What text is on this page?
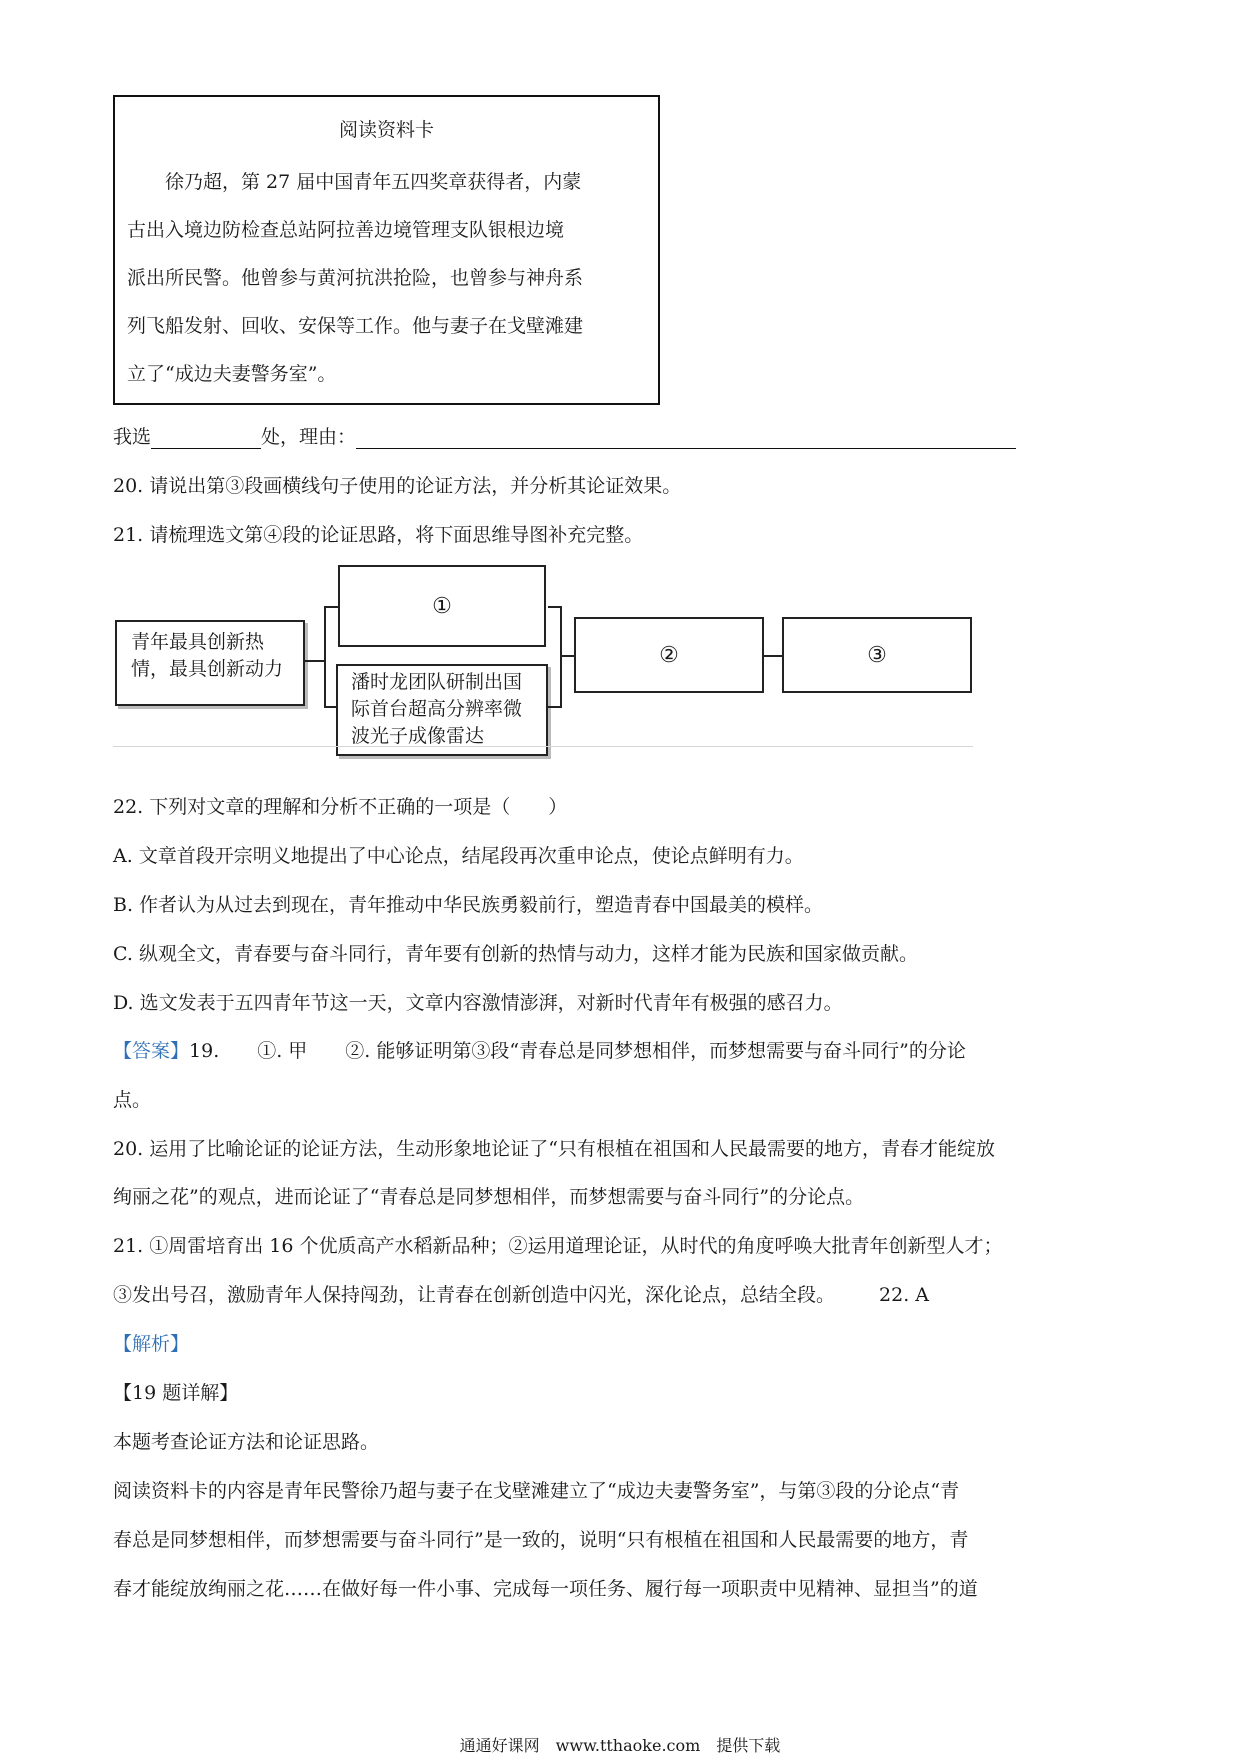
阅读资料卡
　　徐乃超，第 27 届中国青年五四奖章获得者，内蒙
古出入境边防检查总站阿拉善边境管理支队银根边境
派出所民警。他曾参与黄河抗洪抢险，也曾参与神舟系
列飞船发射、回收、安保等工作。他与妻子在戈壁滩建
立了“成边夫妻警务室”。
我选	处，理由：
20. 请说出第③段画横线句子使用的论证方法，并分析其论证效果。
21. 请梳理选文第④段的论证思路，将下面思维导图补充完整。
青年最具创新热
情，最具创新动力
①
潘时龙团队研制出国
际首台超高分辨率微
波光子成像雷达
②	③
22. 下列对文章的理解和分析不正确的一项是（　　）
A. 文章首段开宗明义地提出了中心论点，结尾段再次重申论点，使论点鲜明有力。
B. 作者认为从过去到现在，青年推动中华民族勇毅前行，塑造青春中国最美的模样。
C. 纵观全文，青春要与奋斗同行，青年要有创新的热情与动力，这样才能为民族和国家做贡献。
D. 选文发表于五四青年节这一天，文章内容激情澎湃，对新时代青年有极强的感召力。
【答案】19.　　①. 甲　　②. 能够证明第③段“青春总是同梦想相伴，而梦想需要与奋斗同行”的分论
点。
20. 运用了比喻论证的论证方法，生动形象地论证了“只有根植在祖国和人民最需要的地方，青春才能绽放
绚丽之花”的观点，进而论证了“青春总是同梦想相伴，而梦想需要与奋斗同行”的分论点。
21. ①周雷培育出 16 个优质高产水稻新品种；②运用道理论证，从时代的角度呼唤大批青年创新型人才；
③发出号召，激励青年人保持闯劲，让青春在创新创造中闪光，深化论点，总结全段。 22. A
【解析】
【19 题详解】
本题考查论证方法和论证思路。
阅读资料卡的内容是青年民警徐乃超与妻子在戈壁滩建立了“成边夫妻警务室”，与第③段的分论点“青
春总是同梦想相伴，而梦想需要与奋斗同行”是一致的，说明“只有根植在祖国和人民最需要的地方，青
春才能绽放绚丽之花……在做好每一件小事、完成每一项任务、履行每一项职责中见精神、显担当”的道
通通好课网　www.tthaoke.com　提供下载
